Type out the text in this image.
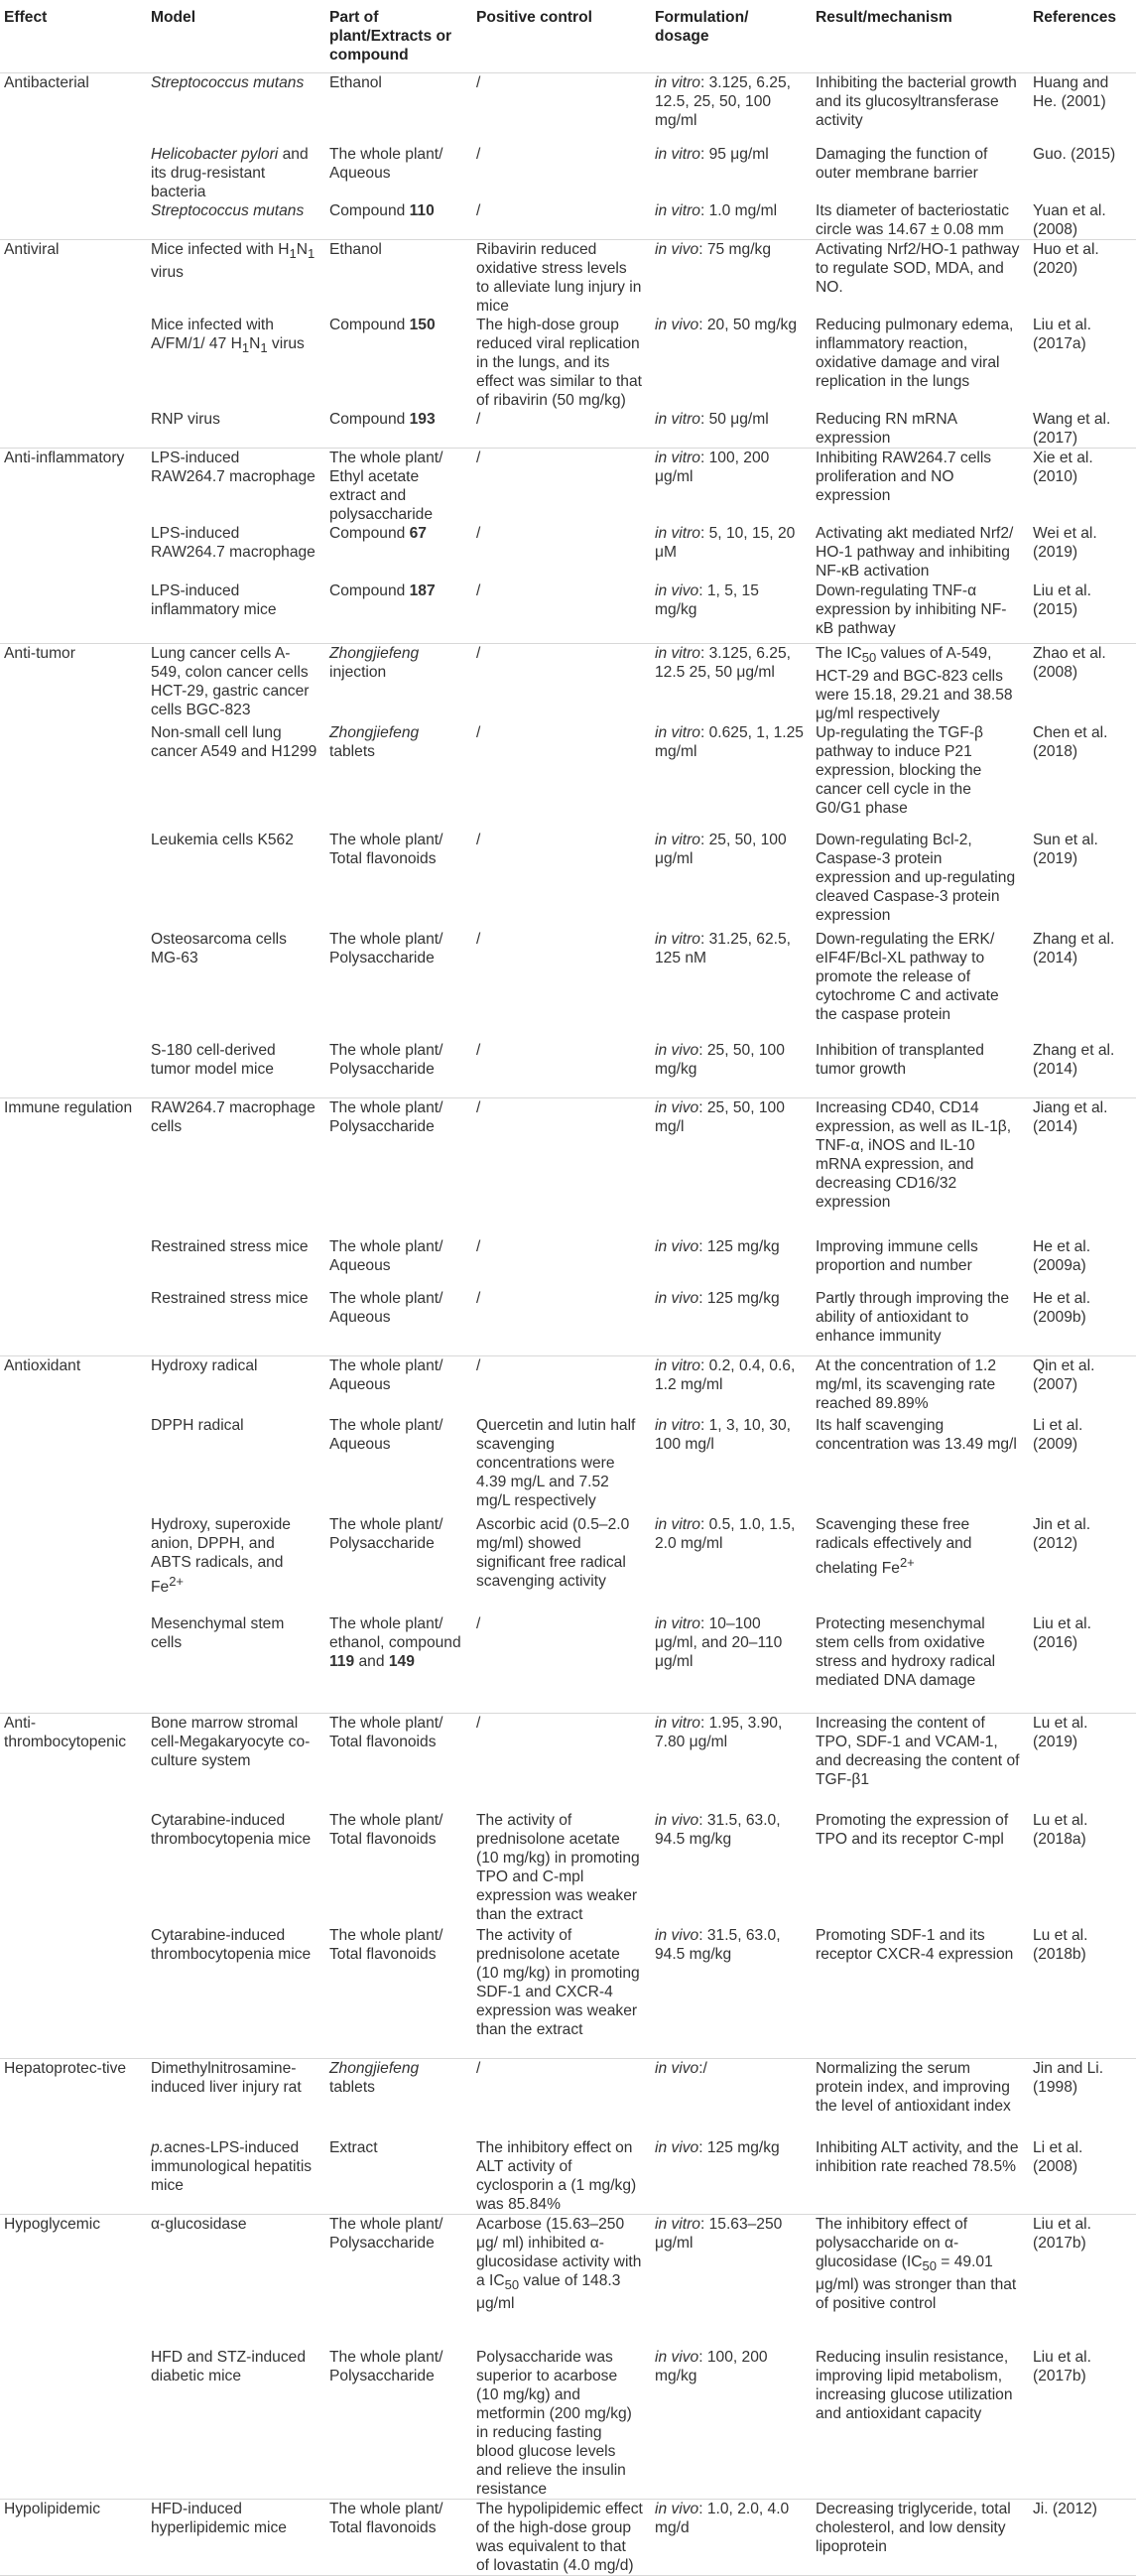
Effect	Model	Part of plant/Extracts or compound	Positive control	Formulation/ dosage	Result/mechanism	References
Antibacterial	Streptococcus mutans	Ethanol	/	in vitro: 3.125, 6.25, 12.5, 25, 50, 100 mg/ml	Inhibiting the bacterial growth and its glucosyltransferase activity	Huang and He. (2001)
	Helicobacter pylori and its drug-resistant bacteria	The whole plant/ Aqueous	/	in vitro: 95 μg/ml	Damaging the function of outer membrane barrier	Guo. (2015)
	Streptococcus mutans	Compound 110	/	in vitro: 1.0 mg/ml	Its diameter of bacteriostatic circle was 14.67 ± 0.08 mm	Yuan et al. (2008)
Antiviral	Mice infected with $H_1N_1$ virus	Ethanol	Ribavirin reduced oxidative stress levels to alleviate lung injury in mice	in vivo: 75 mg/kg	Activating Nrf2/HO-1 pathway to regulate SOD, MDA, and NO.	Huo et al. (2020)
	Mice infected with A/FM/1/ 47 $H_1N_1$ virus	Compound 150	The high-dose group reduced viral replication in the lungs, and its effect was similar to that of ribavirin (50 mg/kg)	in vivo: 20, 50 mg/kg	Reducing pulmonary edema, inflammatory reaction, oxidative damage and viral replication in the lungs	Liu et al. (2017a)
	RNP virus	Compound 193	/	in vitro: 50 μg/ml	Reducing RN mRNA expression	Wang et al. (2017)
Anti-inflammatory	LPS-induced RAW264.7 macrophage	The whole plant/ Ethyl acetate extract and polysaccharide	/	in vitro: 100, 200 μg/ml	Inhibiting RAW264.7 cells proliferation and NO expression	Xie et al. (2010)
	LPS-induced RAW264.7 macrophage	Compound 67	/	in vitro: 5, 10, 15, 20 μM	Activating akt mediated Nrf2/ HO-1 pathway and inhibiting NF-κB activation	Wei et al. (2019)
	LPS-induced inflammatory mice	Compound 187	/	in vivo: 1, 5, 15 mg/kg	Down-regulating TNF-α expression by inhibiting NF-κB pathway	Liu et al. (2015)
Anti-tumor	Lung cancer cells A-549, colon cancer cells HCT-29, gastric cancer cells BGC-823	Zhongjiefeng injection	/	in vitro: 3.125, 6.25, 12.5 25, 50 μg/ml	The $IC_{50}$ values of A-549, HCT-29 and BGC-823 cells were 15.18, 29.21 and 38.58 μg/ml respectively	Zhao et al. (2008)
	Non-small cell lung cancer A549 and H1299	Zhongjiefeng tablets	/	in vitro: 0.625, 1, 1.25 mg/ml	Up-regulating the TGF-β pathway to induce P21 expression, blocking the cancer cell cycle in the G0/G1 phase	Chen et al. (2018)
	Leukemia cells K562	The whole plant/ Total flavonoids	/	in vitro: 25, 50, 100 μg/ml	Down-regulating Bcl-2, Caspase-3 protein expression and up-regulating cleaved Caspase-3 protein expression	Sun et al. (2019)
	Osteosarcoma cells MG-63	The whole plant/ Polysaccharide	/	in vitro: 31.25, 62.5, 125 nM	Down-regulating the ERK/ eIF4F/Bcl-XL pathway to promote the release of cytochrome C and activate the caspase protein	Zhang et al. (2014)
	S-180 cell-derived tumor model mice	The whole plant/ Polysaccharide	/	in vivo: 25, 50, 100 mg/kg	Inhibition of transplanted tumor growth	Zhang et al. (2014)
Immune regulation	RAW264.7 macrophage cells	The whole plant/ Polysaccharide	/	in vivo: 25, 50, 100 mg/l	Increasing CD40, CD14 expression, as well as IL-1β, TNF-α, iNOS and IL-10 mRNA expression, and decreasing CD16/32 expression	Jiang et al. (2014)
	Restrained stress mice	The whole plant/ Aqueous	/	in vivo: 125 mg/kg	Improving immune cells proportion and number	He et al. (2009a)
	Restrained stress mice	The whole plant/ Aqueous	/	in vivo: 125 mg/kg	Partly through improving the ability of antioxidant to enhance immunity	He et al. (2009b)
Antioxidant	Hydroxy radical	The whole plant/ Aqueous	/	in vitro: 0.2, 0.4, 0.6, 1.2 mg/ml	At the concentration of 1.2 mg/ml, its scavenging rate reached 89.89%	Qin et al. (2007)
	DPPH radical	The whole plant/ Aqueous	Quercetin and lutin half scavenging concentrations were 4.39 mg/L and 7.52 mg/L respectively	in vitro: 1, 3, 10, 30, 100 mg/l	Its half scavenging concentration was 13.49 mg/l	Li et al. (2009)
	Hydroxy, superoxide anion, DPPH, and ABTS radicals, and $Fe^{2+}$	The whole plant/ Polysaccharide	Ascorbic acid (0.5–2.0 mg/ml) showed significant free radical scavenging activity	in vitro: 0.5, 1.0, 1.5, 2.0 mg/ml	Scavenging these free radicals effectively and chelating $Fe^{2+}$	Jin et al. (2012)
	Mesenchymal stem cells	The whole plant/ ethanol, compound 119 and 149	/	in vitro: 10–100 μg/ml, and 20–110 μg/ml	Protecting mesenchymal stem cells from oxidative stress and hydroxy radical mediated DNA damage	Liu et al. (2016)
Anti-thrombocytopenic	Bone marrow stromal cell-Megakaryocyte co-culture system	The whole plant/ Total flavonoids	/	in vitro: 1.95, 3.90, 7.80 μg/ml	Increasing the content of TPO, SDF-1 and VCAM-1, and decreasing the content of TGF-β1	Lu et al. (2019)
	Cytarabine-induced thrombocytopenia mice	The whole plant/ Total flavonoids	The activity of prednisolone acetate (10 mg/kg) in promoting TPO and C-mpl expression was weaker than the extract	in vivo: 31.5, 63.0, 94.5 mg/kg	Promoting the expression of TPO and its receptor C-mpl	Lu et al. (2018a)
	Cytarabine-induced thrombocytopenia mice	The whole plant/ Total flavonoids	The activity of prednisolone acetate (10 mg/kg) in promoting SDF-1 and CXCR-4 expression was weaker than the extract	in vivo: 31.5, 63.0, 94.5 mg/kg	Promoting SDF-1 and its receptor CXCR-4 expression	Lu et al. (2018b)
Hepatoprotec-tive	Dimethylnitrosamine-induced liver injury rat	Zhongjiefeng tablets	/	in vivo:/	Normalizing the serum protein index, and improving the level of antioxidant index	Jin and Li. (1998)
	p.acnes-LPS-induced immunological hepatitis mice	Extract	The inhibitory effect on ALT activity of cyclosporin a (1 mg/kg) was 85.84%	in vivo: 125 mg/kg	Inhibiting ALT activity, and the inhibition rate reached 78.5%	Li et al. (2008)
Hypoglycemic	α-glucosidase	The whole plant/ Polysaccharide	Acarbose (15.63–250 μg/ ml) inhibited α-glucosidase activity with a $IC_{50}$ value of 148.3 μg/ml	in vitro: 15.63–250 μg/ml	The inhibitory effect of polysaccharide on α-glucosidase ($IC_{50} = 49.01$ μg/ml) was stronger than that of positive control	Liu et al. (2017b)
	HFD and STZ-induced diabetic mice	The whole plant/ Polysaccharide	Polysaccharide was superior to acarbose (10 mg/kg) and metformin (200 mg/kg) in reducing fasting blood glucose levels and relieve the insulin resistance	in vivo: 100, 200 mg/kg	Reducing insulin resistance, improving lipid metabolism, increasing glucose utilization and antioxidant capacity	Liu et al. (2017b)
Hypolipidemic	HFD-induced hyperlipidemic mice	The whole plant/ Total flavonoids	The hypolipidemic effect of the high-dose group was equivalent to that of lovastatin (4.0 mg/d)	in vivo: 1.0, 2.0, 4.0 mg/d	Decreasing triglyceride, total cholesterol, and low density lipoprotein	Ji. (2012)
